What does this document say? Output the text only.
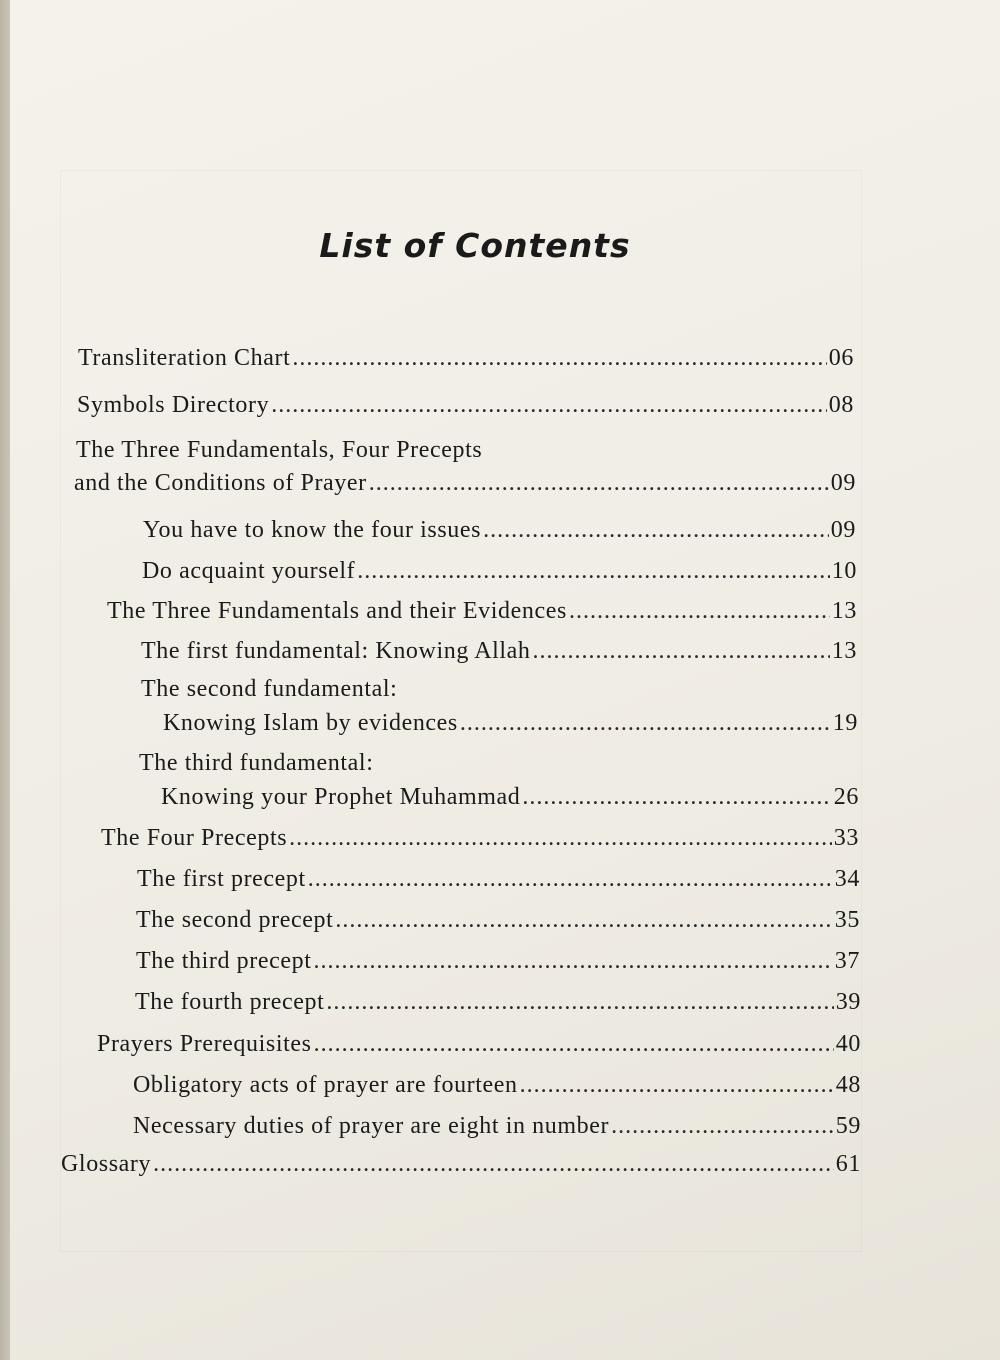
List of Contents
Transliteration Chart .....	06
Symbols Directory .....	08
The Three Fundamentals, Four Precepts
and the Conditions of Prayer .....	09
You have to know the four issues .....	09
Do acquaint yourself .....	10
The Three Fundamentals and their Evidences .....	13
The first fundamental: Knowing Allah .....	13
The second fundamental:
Knowing Islam by evidences .....	19
The third fundamental:
Knowing your Prophet Muhammad .....	26
The Four Precepts .....	33
The first precept .....	34
The second precept .....	35
The third precept .....	37
The fourth precept .....	39
Prayers Prerequisites .....	40
Obligatory acts of prayer are fourteen .....	48
Necessary duties of prayer are eight in number .....	59
Glossary .....	61
